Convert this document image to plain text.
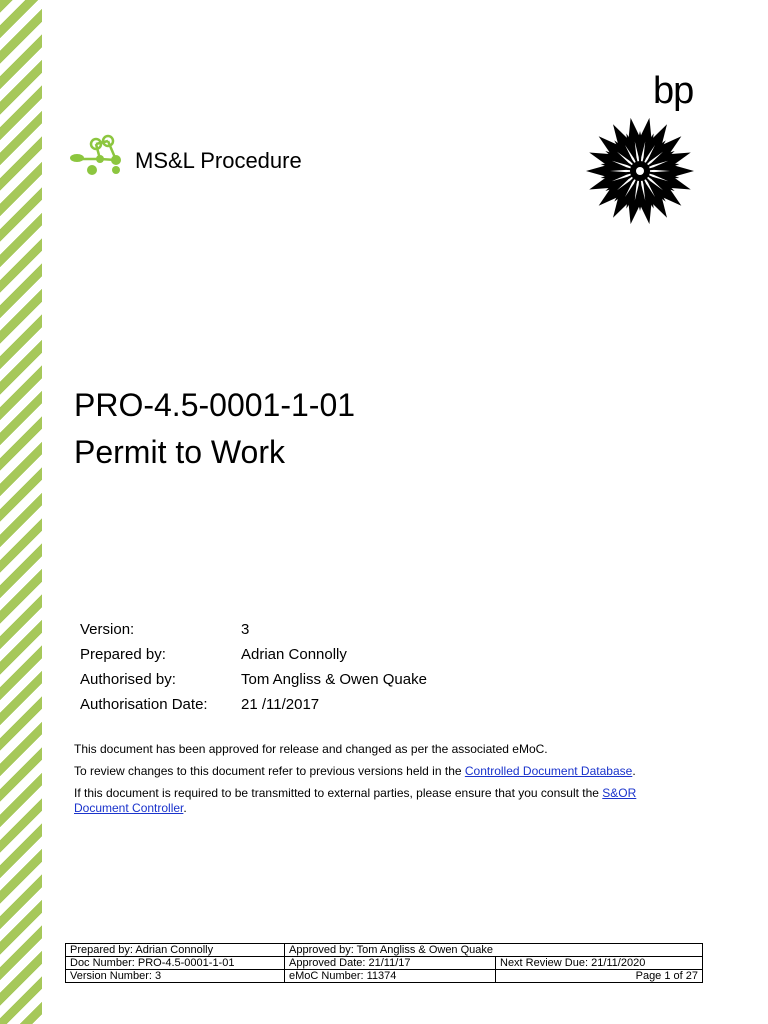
MS&L Procedure
bp
PRO-4.5-0001-1-01
Permit to Work
Version:	3
Prepared by:	Adrian Connolly
Authorised by:	Tom Angliss & Owen Quake
Authorisation Date:	21 /11/2017

This document has been approved for release and changed as per the associated eMoC.

To review changes to this document refer to previous versions held in the Controlled Document Database.

If this document is required to be transmitted to external parties, please ensure that you consult the S&OR Document Controller.

Prepared by: Adrian Connolly	Approved by: Tom Angliss & Owen Quake	
Doc Number: PRO-4.5-0001-1-01	Approved Date: 21/11/17	Next Review Due: 21/11/2020
Version Number: 3	eMoC Number: 11374	Page 1 of 27
